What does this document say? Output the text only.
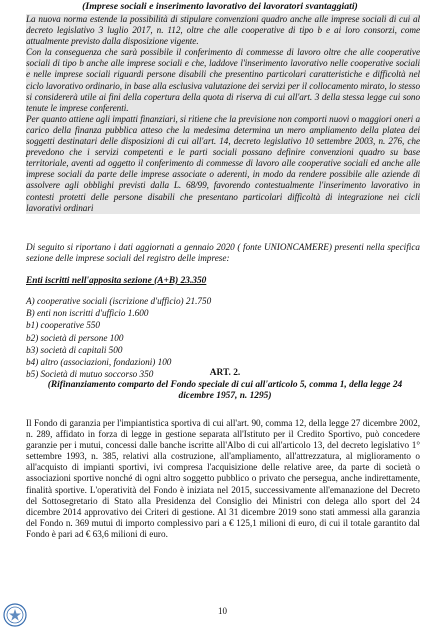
(Imprese sociali e inserimento lavorativo dei lavoratori svantaggiati)

La nuova norma estende la possibilità di stipulare convenzioni quadro anche alle imprese sociali di cui al decreto legislativo 3 luglio 2017, n. 112, oltre che alle cooperative di tipo b e ai loro consorzi, come attualmente previsto dalla disposizione vigente.

Con la conseguenza che sarà possibile il conferimento di commesse di lavoro oltre che alle cooperative sociali di tipo b anche alle imprese sociali e che, laddove l'inserimento lavorativo nelle cooperative sociali e nelle imprese sociali riguardi persone disabili che presentino particolari caratteristiche e difficoltà nel ciclo lavorativo ordinario, in base alla esclusiva valutazione dei servizi per il collocamento mirato, lo stesso si considererà utile ai fini della copertura della quota di riserva di cui all'art. 3 della stessa legge cui sono tenute le imprese conferenti.

Per quanto attiene agli impatti finanziari, si ritiene che la previsione non comporti nuovi o maggiori oneri a carico della finanza pubblica atteso che la medesima determina un mero ampliamento della platea dei soggetti destinatari delle disposizioni di cui all'art. 14, decreto legislativo 10 settembre 2003, n. 276, che prevedono che i servizi competenti e le parti sociali possano definire convenzioni quadro su base territoriale, aventi ad oggetto il conferimento di commesse di lavoro alle cooperative sociali ed anche alle imprese sociali da parte delle imprese associate o aderenti, in modo da rendere possibile alle aziende di assolvere agli obblighi previsti dalla L. 68/99, favorendo contestualmente l'inserimento lavorativo in contesti protetti delle persone disabili che presentano particolari difficoltà di integrazione nei cicli lavorativi ordinari

Di seguito si riportano i dati aggiornati a gennaio 2020 ( fonte UNIONCAMERE) presenti nella specifica sezione delle imprese sociali del registro delle imprese:

Enti iscritti nell'apposita sezione (A+B) 23.350

A) cooperative sociali (iscrizione d'ufficio) 21.750
B) enti non iscritti d'ufficio 1.600
b1) cooperative 550
b2) società di persone 100
b3) società di capitali 500
b4) altro (associazioni, fondazioni) 100
b5) Società di mutuo soccorso 350	ART. 2.
(Rifinanziamento comparto del Fondo speciale di cui all'articolo 5, comma 1, della legge 24 dicembre 1957, n. 1295)

Il Fondo di garanzia per l'impiantistica sportiva di cui all'art. 90, comma 12, della legge 27 dicembre 2002, n. 289, affidato in forza di legge in gestione separata all'Istituto per il Credito Sportivo, può concedere garanzie per i mutui, concessi dalle banche iscritte all'Albo di cui all'articolo 13, del decreto legislativo 1° settembre 1993, n. 385, relativi alla costruzione, all'ampliamento, all'attrezzatura, al miglioramento o all'acquisto di impianti sportivi, ivi compresa l'acquisizione delle relative aree, da parte di società o associazioni sportive nonché di ogni altro soggetto pubblico o privato che persegua, anche indirettamente, finalità sportive. L'operatività del Fondo è iniziata nel 2015, successivamente all'emanazione del Decreto del Sottosegretario di Stato alla Presidenza del Consiglio dei Ministri con delega allo sport del 24 dicembre 2014 approvativo dei Criteri di gestione. Al 31 dicembre 2019 sono stati ammessi alla garanzia del Fondo n. 369 mutui di importo complessivo pari a € 125,1 milioni di euro, di cui il totale garantito dal Fondo è pari ad € 63,6 milioni di euro.

10
